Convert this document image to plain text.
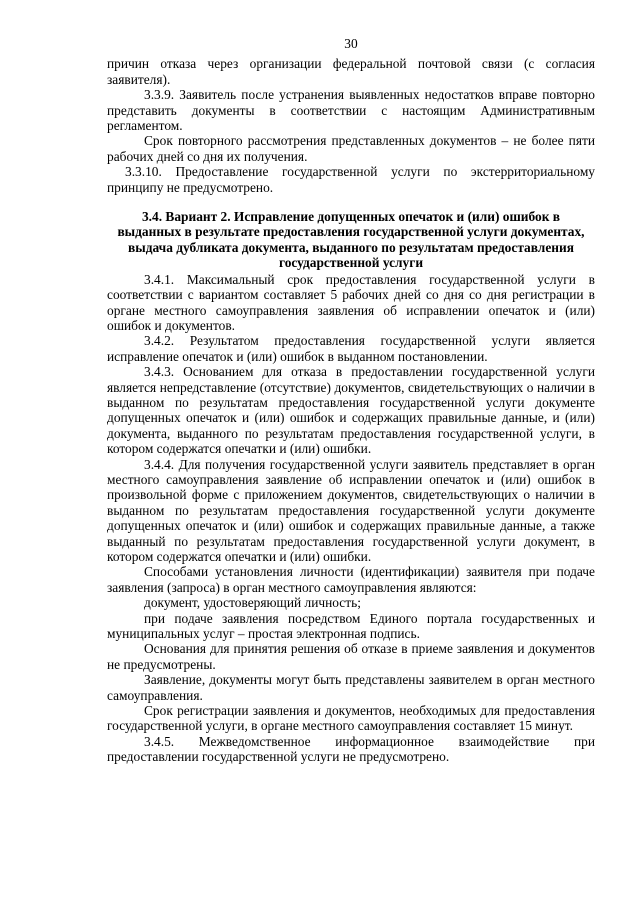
30

причин отказа через организации федеральной почтовой связи (с согласия заявителя).

3.3.9. Заявитель после устранения выявленных недостатков вправе повторно представить документы в соответствии с настоящим Административным регламентом.

Срок повторного рассмотрения представленных документов – не более пяти рабочих дней со дня их получения.

3.3.10. Предоставление государственной услуги по экстерриториальному принципу не предусмотрено.

3.4. Вариант 2. Исправление допущенных опечаток и (или) ошибок в выданных в результате предоставления государственной услуги документах, выдача дубликата документа, выданного по результатам предоставления государственной услуги

3.4.1. Максимальный срок предоставления государственной услуги в соответствии с вариантом составляет 5 рабочих дней со дня со дня регистрации в органе местного самоуправления заявления об исправлении опечаток и (или) ошибок и документов.

3.4.2. Результатом предоставления государственной услуги является исправление опечаток и (или) ошибок в выданном постановлении.

3.4.3. Основанием для отказа в предоставлении государственной услуги является непредставление (отсутствие) документов, свидетельствующих о наличии в выданном по результатам предоставления государственной услуги документе допущенных опечаток и (или) ошибок и содержащих правильные данные, и (или) документа, выданного по результатам предоставления государственной услуги, в котором содержатся опечатки и (или) ошибки.

3.4.4. Для получения государственной услуги заявитель представляет в орган местного самоуправления заявление об исправлении опечаток и (или) ошибок в произвольной форме с приложением документов, свидетельствующих о наличии в выданном по результатам предоставления государственной услуги документе допущенных опечаток и (или) ошибок и содержащих правильные данные, а также выданный по результатам предоставления государственной услуги документ, в котором содержатся опечатки и (или) ошибки.

Способами установления личности (идентификации) заявителя при подаче заявления (запроса) в орган местного самоуправления являются:

документ, удостоверяющий личность;

при подаче заявления посредством Единого портала государственных и муниципальных услуг – простая электронная подпись.

Основания для принятия решения об отказе в приеме заявления и документов не предусмотрены.

Заявление, документы могут быть представлены заявителем в орган местного самоуправления.

Срок регистрации заявления и документов, необходимых для предоставления государственной услуги, в органе местного самоуправления составляет 15 минут.

3.4.5. Межведомственное информационное взаимодействие при предоставлении государственной услуги не предусмотрено.
